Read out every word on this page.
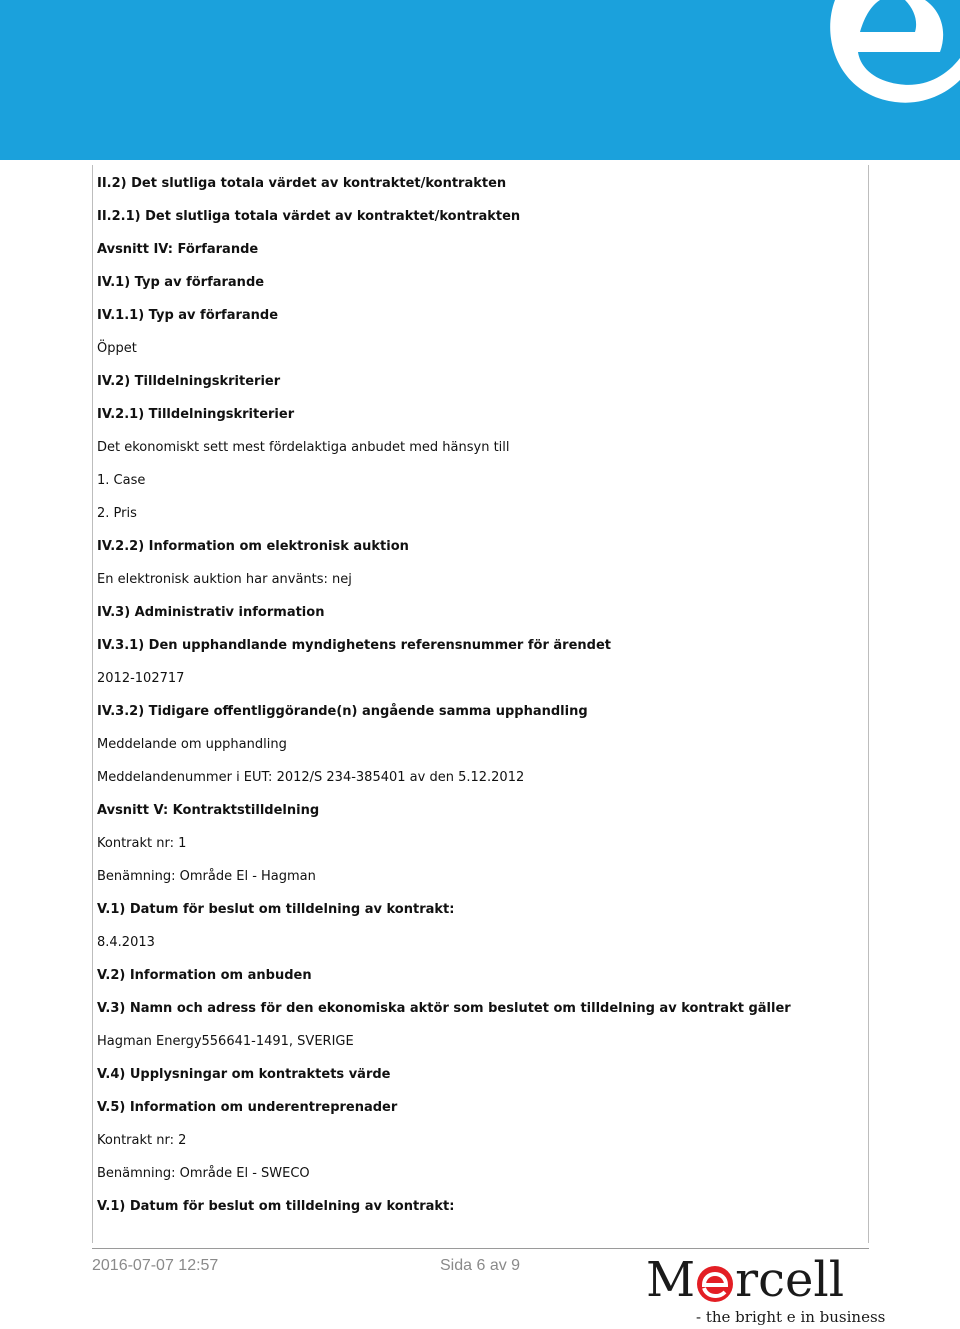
II.2) Det slutliga totala värdet av kontraktet/kontrakten
II.2.1) Det slutliga totala värdet av kontraktet/kontrakten
Avsnitt IV: Förfarande
IV.1) Typ av förfarande
IV.1.1) Typ av förfarande
Öppet
IV.2) Tilldelningskriterier
IV.2.1) Tilldelningskriterier
Det ekonomiskt sett mest fördelaktiga anbudet med hänsyn till
1. Case
2. Pris
IV.2.2) Information om elektronisk auktion
En elektronisk auktion har använts: nej
IV.3) Administrativ information
IV.3.1) Den upphandlande myndighetens referensnummer för ärendet
2012-102717
IV.3.2) Tidigare offentliggörande(n) angående samma upphandling
Meddelande om upphandling
Meddelandenummer i EUT: 2012/S 234-385401 av den 5.12.2012
Avsnitt V: Kontraktstilldelning
Kontrakt nr: 1
Benämning: Område El - Hagman
V.1) Datum för beslut om tilldelning av kontrakt:
8.4.2013
V.2) Information om anbuden
V.3) Namn och adress för den ekonomiska aktör som beslutet om tilldelning av kontrakt gäller
Hagman Energy556641-1491, SVERIGE
V.4) Upplysningar om kontraktets värde
V.5) Information om underentreprenader
Kontrakt nr: 2
Benämning: Område El - SWECO
V.1) Datum för beslut om tilldelning av kontrakt:
2016-07-07 12:57	Sida 6 av 9	M rcell
- the bright e in business
